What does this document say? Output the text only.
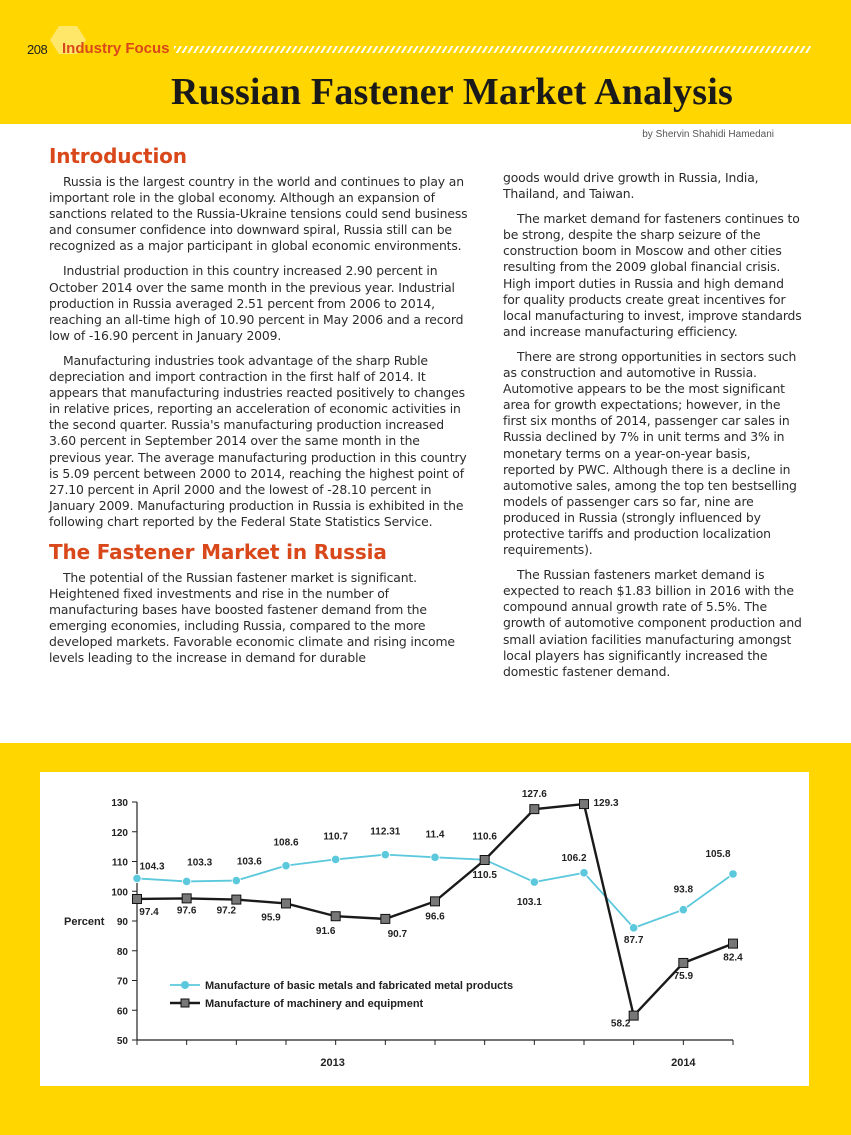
208 Industry Focus
Russian Fastener Market Analysis
by Shervin Shahidi Hamedani
Introduction

Russia is the largest country in the world and continues to play an important role in the global economy. Although an expansion of sanctions related to the Russia-Ukraine tensions could send business and consumer confidence into downward spiral, Russia still can be recognized as a major participant in global economic environments.

Industrial production in this country increased 2.90 percent in October 2014 over the same month in the previous year. Industrial production in Russia averaged 2.51 percent from 2006 to 2014, reaching an all-time high of 10.90 percent in May 2006 and a record low of -16.90 percent in January 2009.

Manufacturing industries took advantage of the sharp Ruble depreciation and import contraction in the first half of 2014. It appears that manufacturing industries reacted positively to changes in relative prices, reporting an acceleration of economic activities in the second quarter. Russia's manufacturing production increased 3.60 percent in September 2014 over the same month in the previous year. The average manufacturing production in this country is 5.09 percent between 2000 to 2014, reaching the highest point of 27.10 percent in April 2000 and the lowest of -28.10 percent in January 2009. Manufacturing production in Russia is exhibited in the following chart reported by the Federal State Statistics Service.

The Fastener Market in Russia

The potential of the Russian fastener market is significant. Heightened fixed investments and rise in the number of manufacturing bases have boosted fastener demand from the emerging economies, including Russia, compared to the more developed markets. Favorable economic climate and rising income levels leading to the increase in demand for durable

goods would drive growth in Russia, India, Thailand, and Taiwan.

The market demand for fasteners continues to be strong, despite the sharp seizure of the construction boom in Moscow and other cities resulting from the 2009 global financial crisis. High import duties in Russia and high demand for quality products create great incentives for local manufacturing to invest, improve standards and increase manufacturing efficiency.

There are strong opportunities in sectors such as construction and automotive in Russia. Automotive appears to be the most significant area for growth expectations; however, in the first six months of 2014, passenger car sales in Russia declined by 7% in unit terms and 3% in monetary terms on a year-on-year basis, reported by PWC. Although there is a decline in automotive sales, among the top ten bestselling models of passenger cars so far, nine are produced in Russia (strongly influenced by protective tariffs and production localization requirements).

The Russian fasteners market demand is expected to reach $1.83 billion in 2016 with the compound annual growth rate of 5.5%. The growth of automotive component production and small aviation facilities manufacturing amongst local players has significantly increased the domestic fastener demand.

50
60
70
80
90
100
110
120
130
Percent
2013	2014
104.3 103.3 103.6
108.6
110.7 112.31	11.4	110.6
103.1
106.2
87.7
93.8
105.8
97.4 97.6 97.2
95.9
91.6	90.7
96.6
110.5
127.6
129.3
58.2
75.9
82.4
Manufacture of basic metals and fabricated metal products
Manufacture of machinery and equipment
